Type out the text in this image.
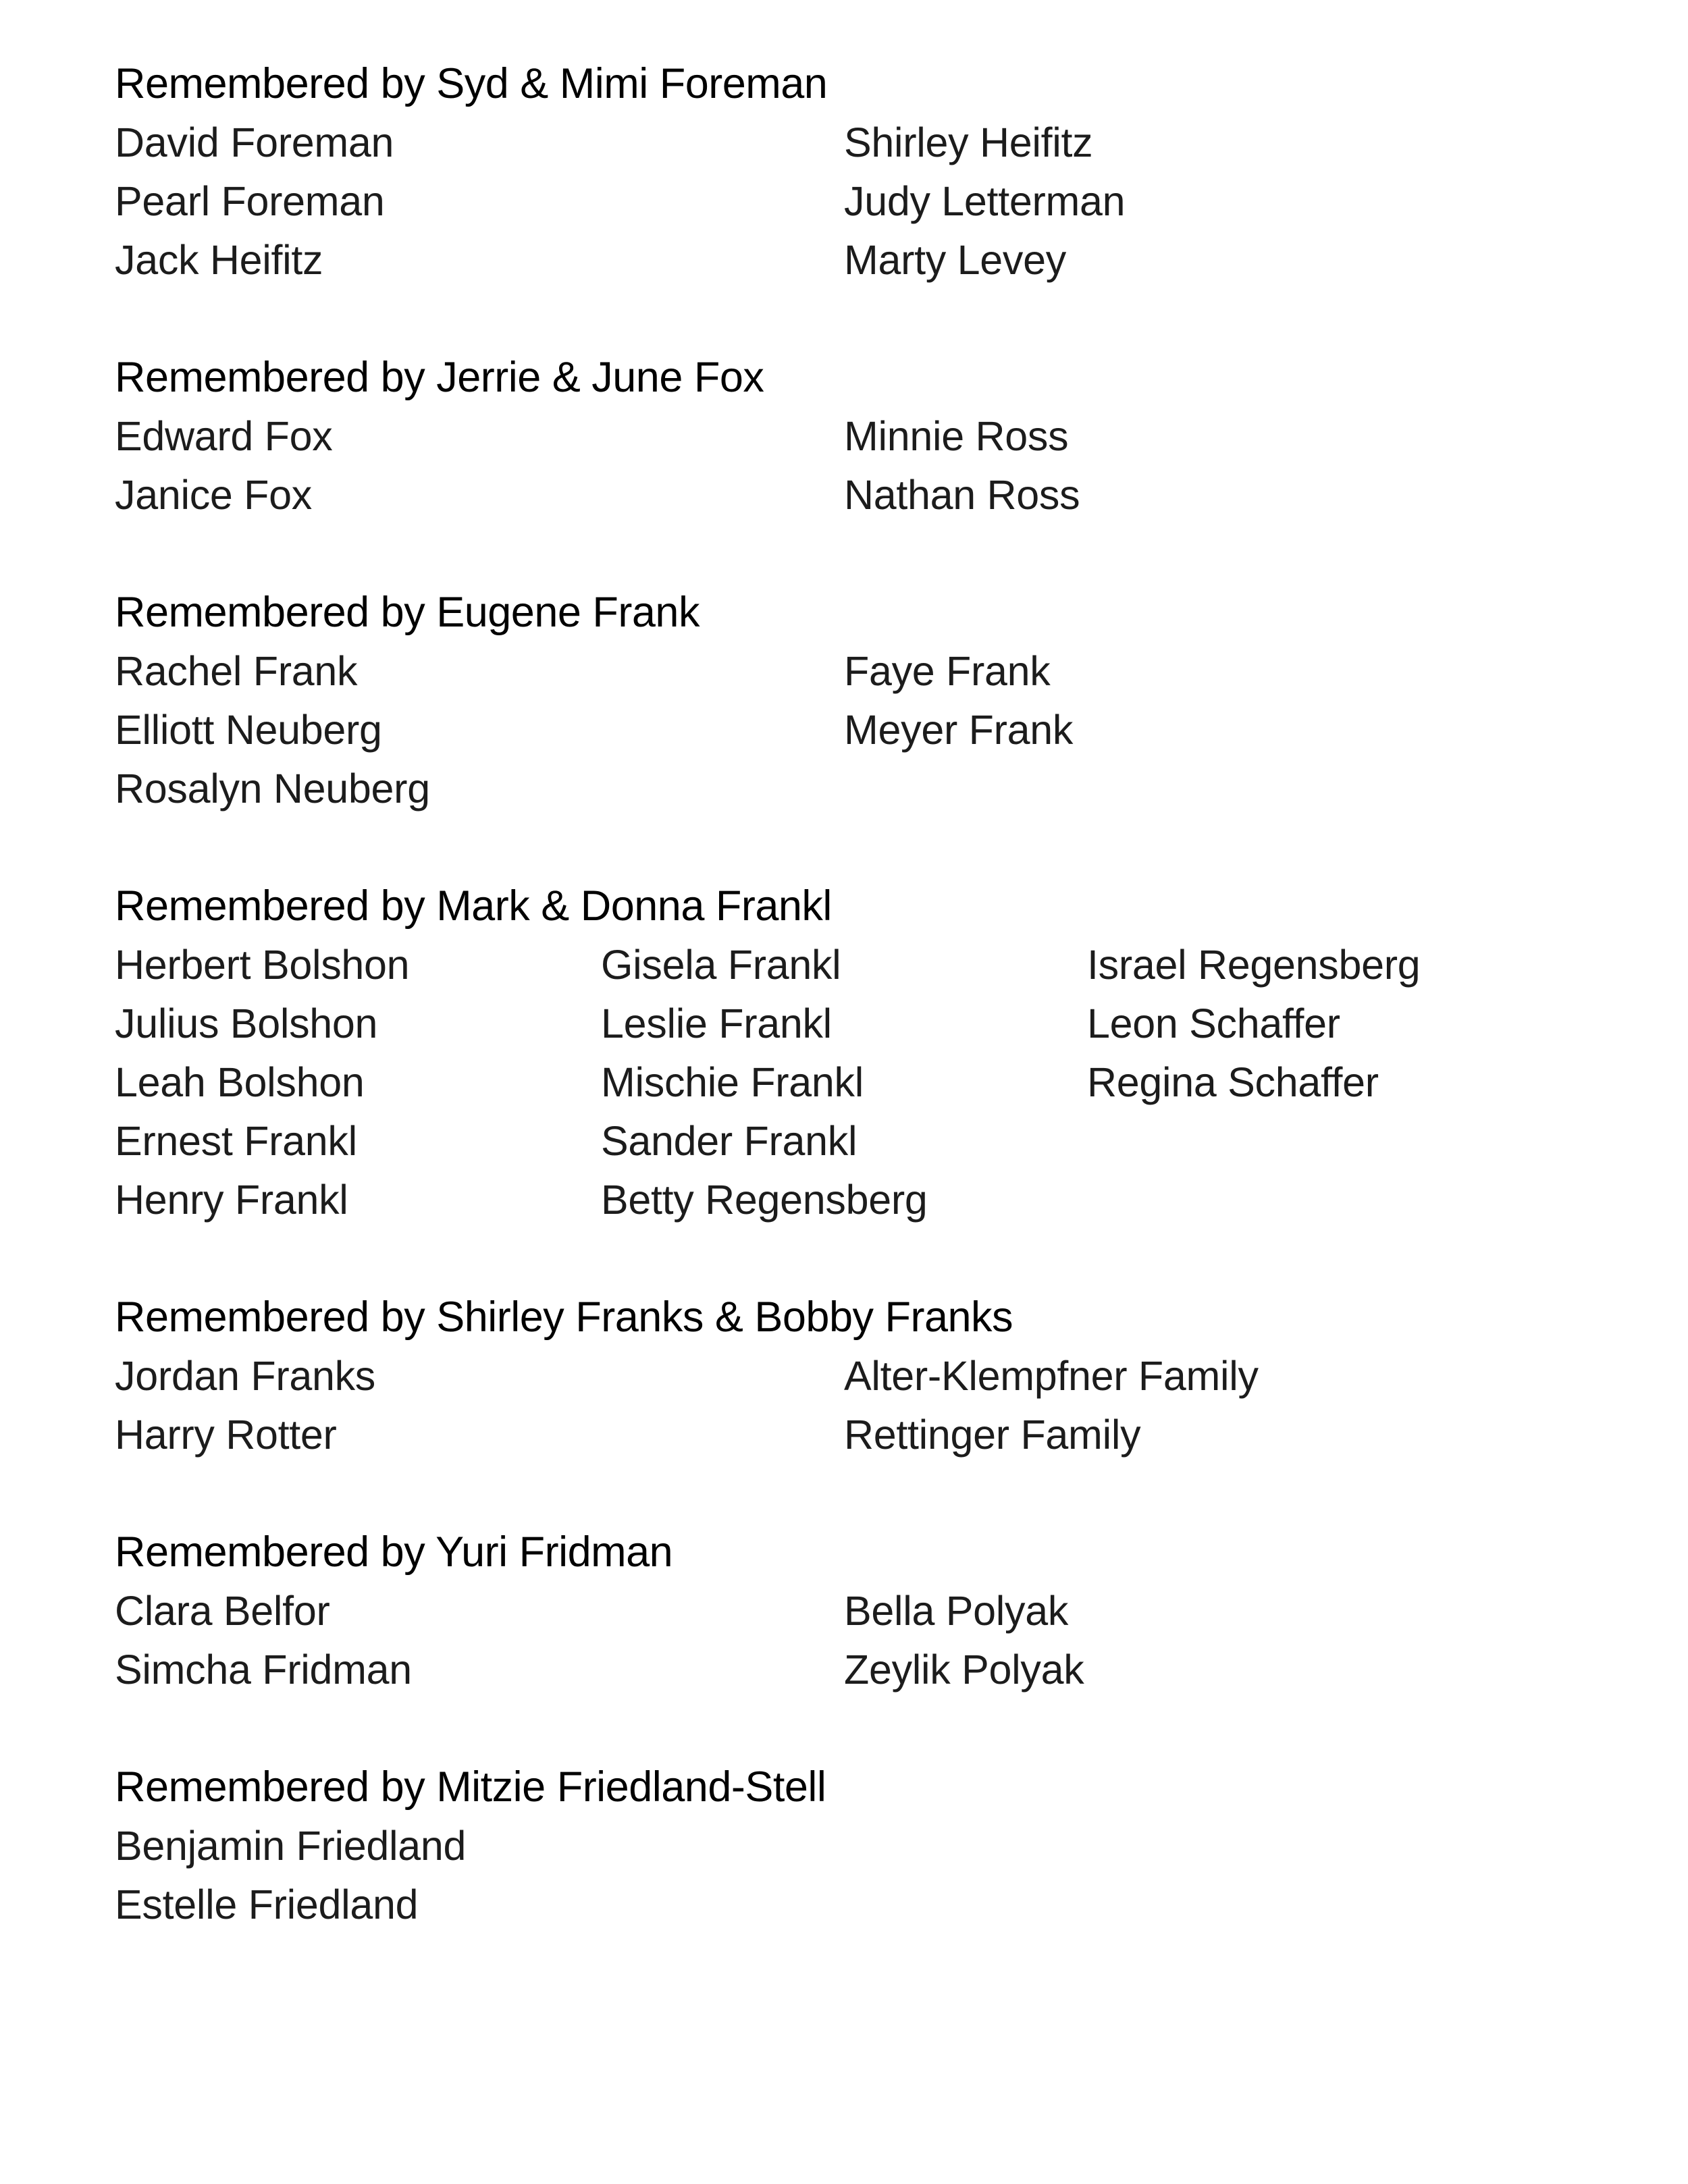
Remembered by Syd & Mimi Foreman
David Foreman
Pearl Foreman
Jack Heifitz
Shirley Heifitz
Judy Letterman
Marty Levey
Remembered by Jerrie & June Fox
Edward Fox
Janice Fox
Minnie Ross
Nathan Ross
Remembered by Eugene Frank
Rachel Frank
Elliott Neuberg
Rosalyn Neuberg
Faye Frank
Meyer Frank
Remembered by Mark & Donna Frankl
Herbert Bolshon
Julius Bolshon
Leah Bolshon
Ernest Frankl
Henry Frankl
Gisela Frankl
Leslie Frankl
Mischie Frankl
Sander Frankl
Betty Regensberg
Israel Regensberg
Leon Schaffer
Regina Schaffer
Remembered by Shirley Franks & Bobby Franks
Jordan Franks
Harry Rotter
Alter-Klempfner Family
Rettinger Family
Remembered by Yuri Fridman
Clara Belfor
Simcha Fridman
Bella Polyak
Zeylik Polyak
Remembered by Mitzie Friedland-Stell
Benjamin Friedland
Estelle Friedland
